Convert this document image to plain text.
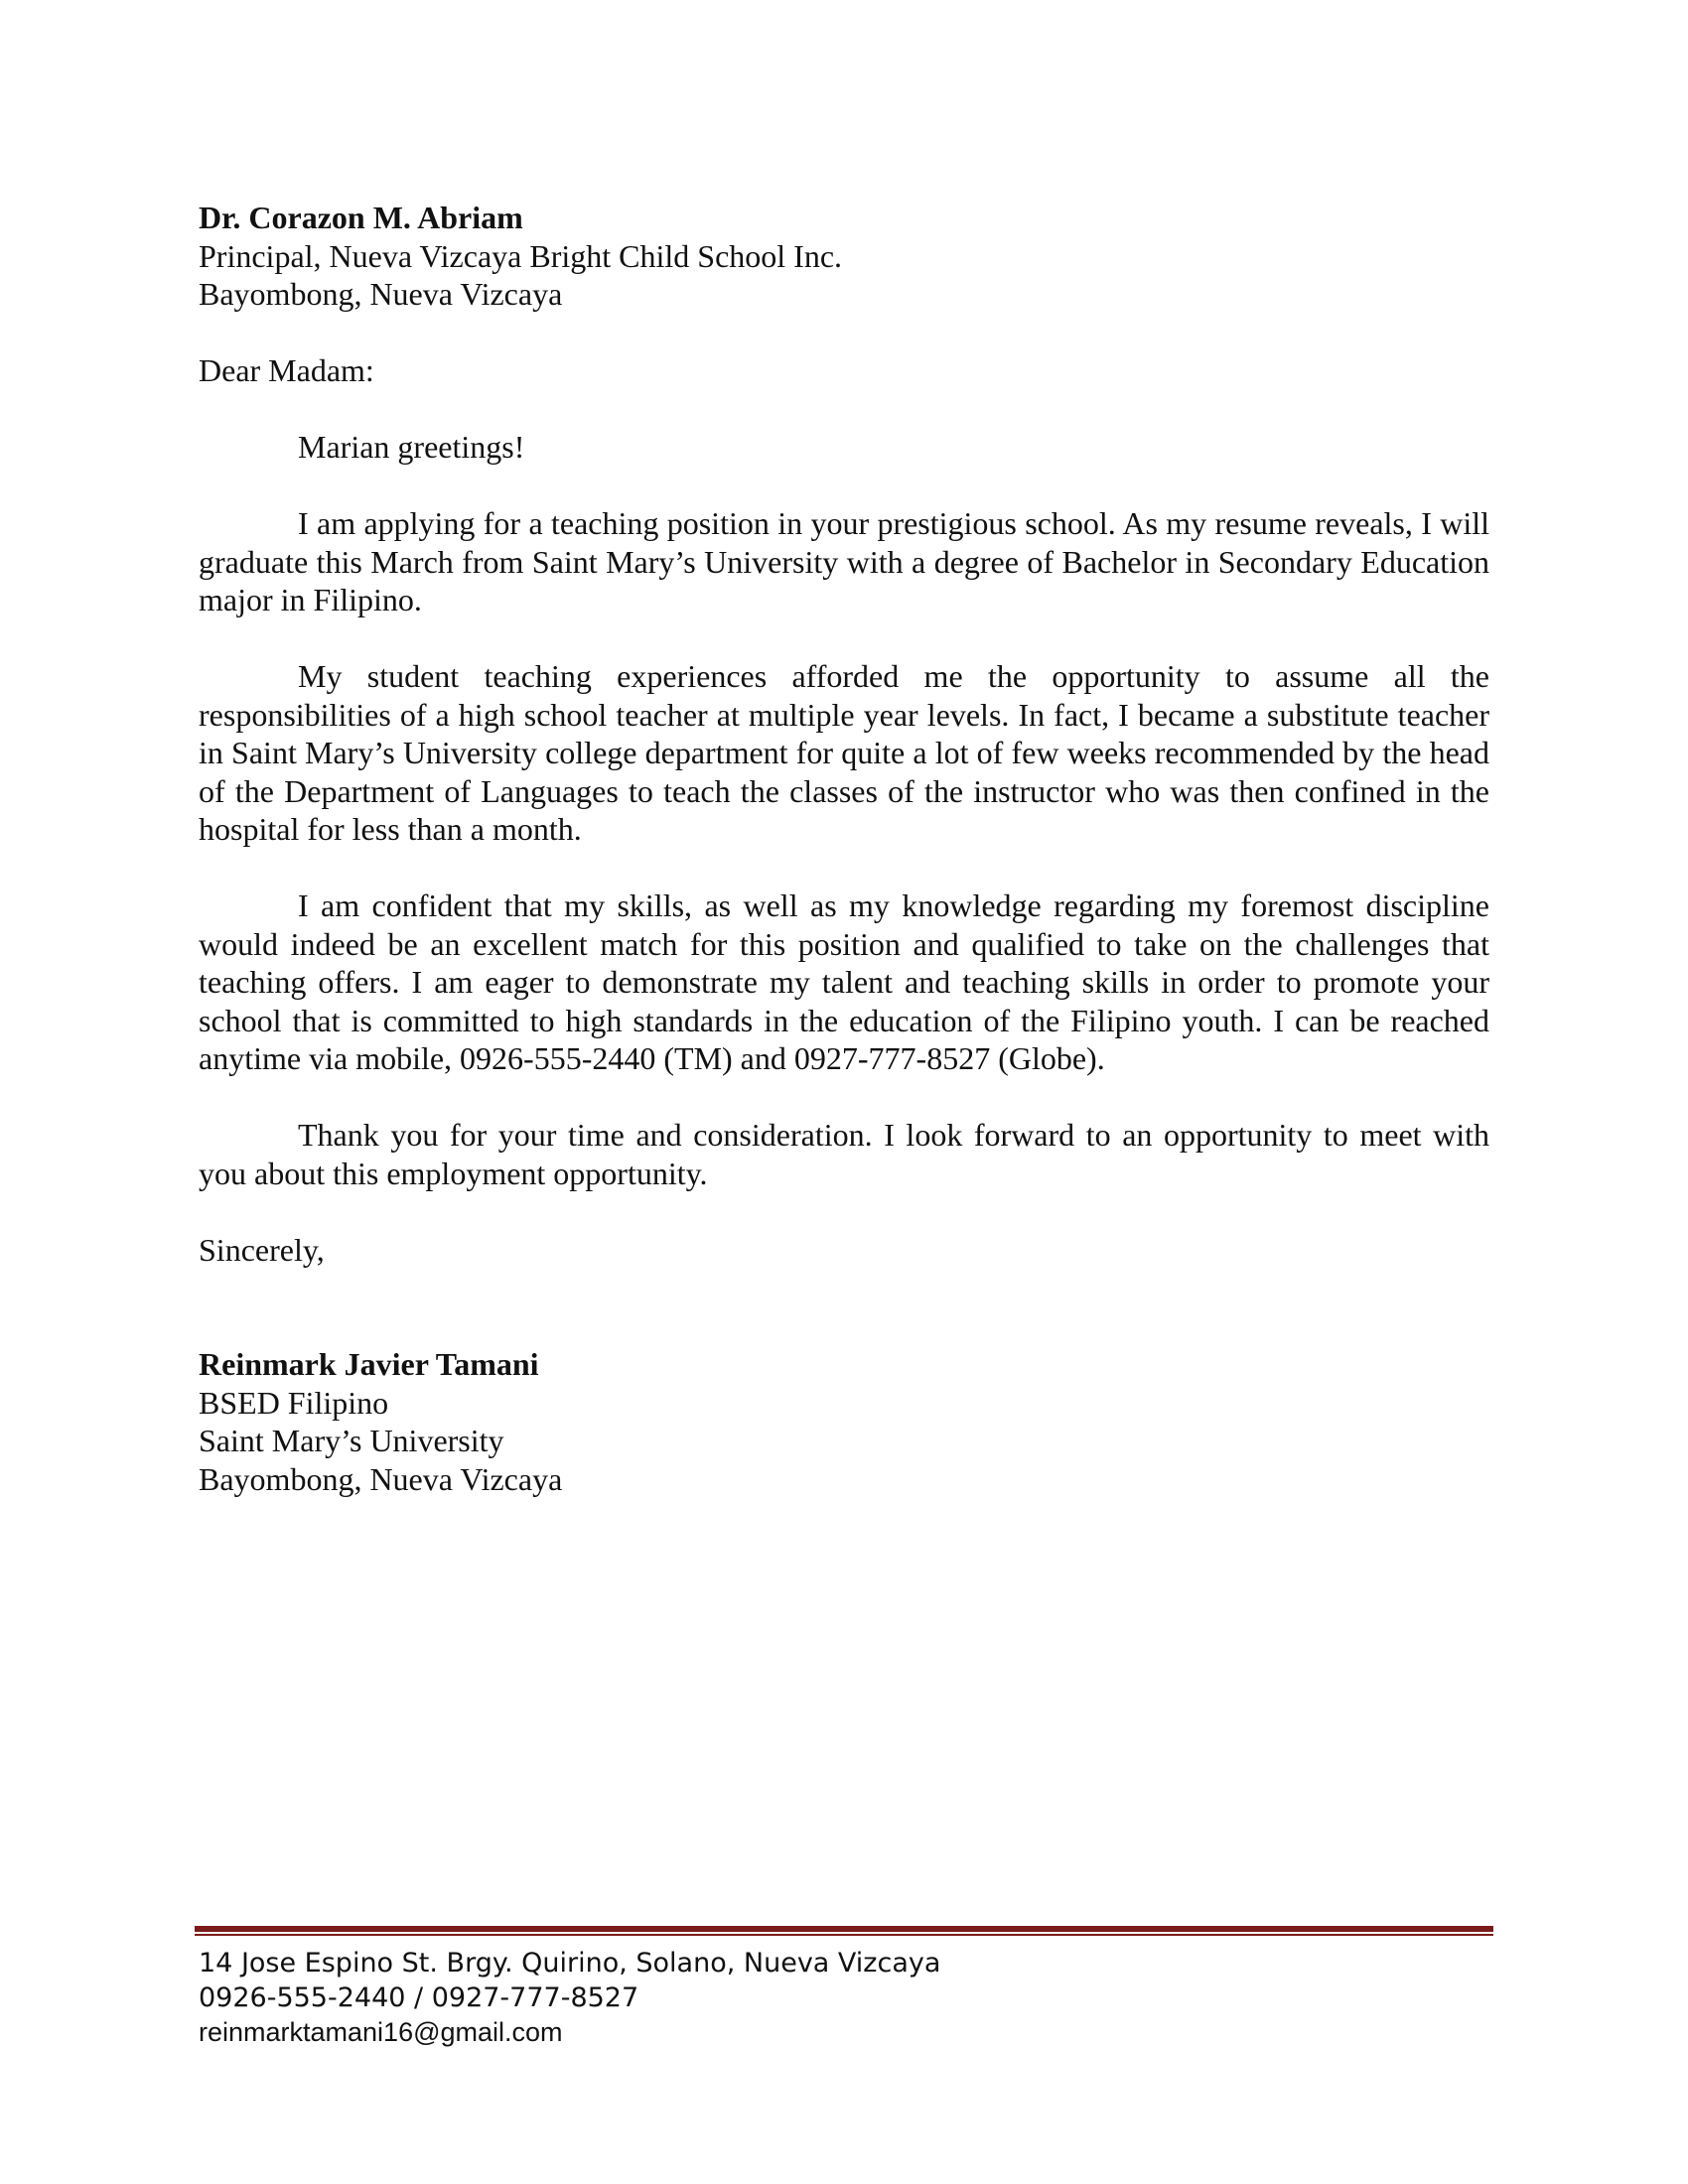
Dr. Corazon M. Abriam

Principal, Nueva Vizcaya Bright Child School Inc.

Bayombong, Nueva Vizcaya

Dear Madam:

Marian greetings!

I am applying for a teaching position in your prestigious school. As my resume reveals, I will graduate this March from Saint Mary’s University with a degree of Bachelor in Secondary Education major in Filipino.

My student teaching experiences afforded me the opportunity to assume all the responsibilities of a high school teacher at multiple year levels. In fact, I became a substitute teacher in Saint Mary’s University college department for quite a lot of few weeks recommended by the head of the Department of Languages to teach the classes of the instructor who was then confined in the hospital for less than a month.

I am confident that my skills, as well as my knowledge regarding my foremost discipline would indeed be an excellent match for this position and qualified to take on the challenges that teaching offers. I am eager to demonstrate my talent and teaching skills in order to promote your school that is committed to high standards in the education of the Filipino youth. I can be reached anytime via mobile, 0926-555-2440 (TM) and 0927-777-8527 (Globe).

Thank you for your time and consideration. I look forward to an opportunity to meet with you about this employment opportunity.

Sincerely,

Reinmark Javier Tamani

BSED Filipino

Saint Mary’s University

Bayombong, Nueva Vizcaya

14 Jose Espino St. Brgy. Quirino, Solano, Nueva Vizcaya
0926-555-2440 / 0927-777-8527
reinmarktamani16@gmail.com
